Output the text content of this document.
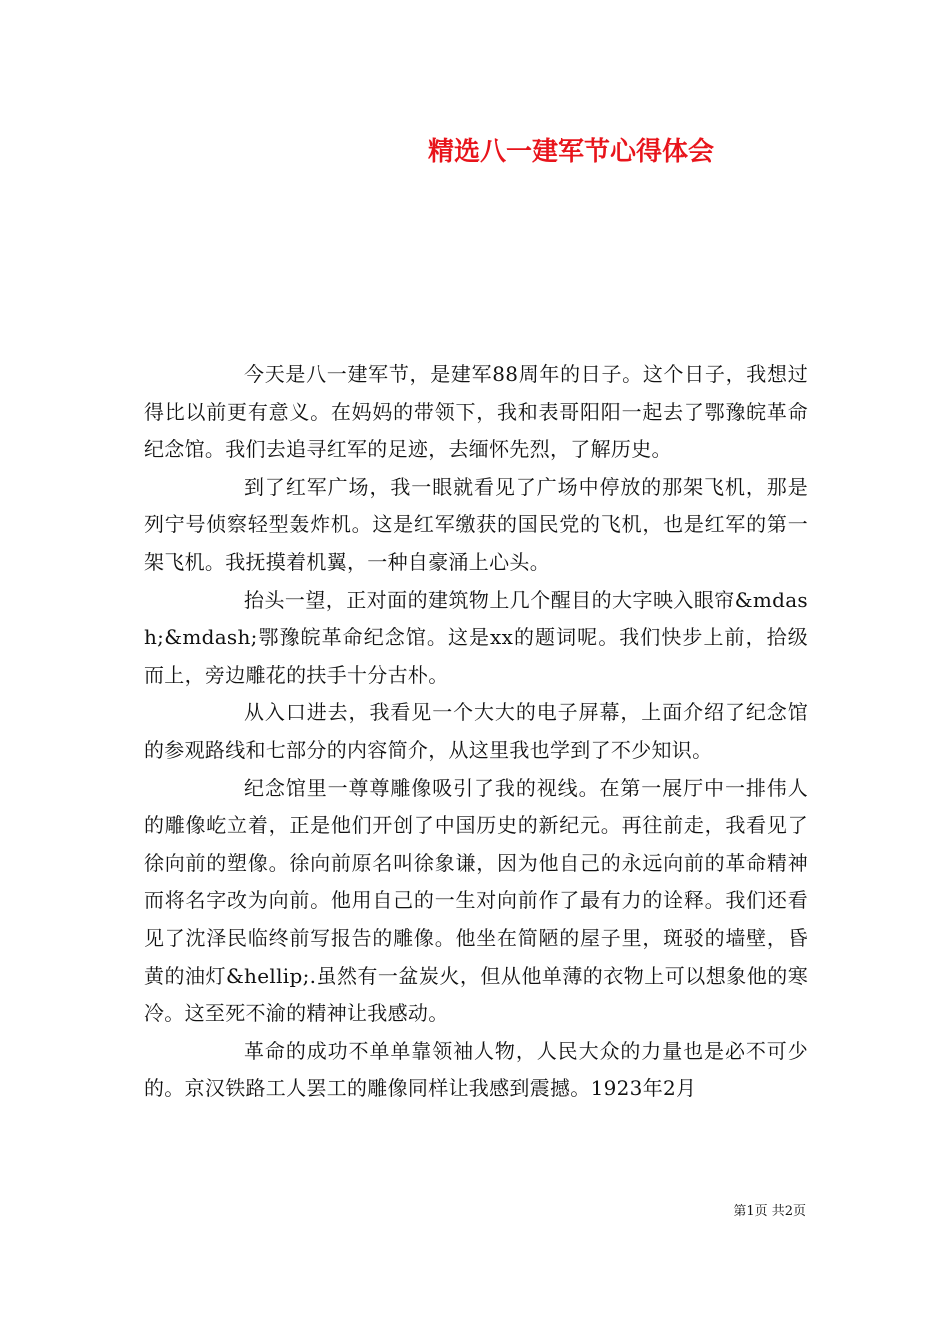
精选八一建军节心得体会

今天是八一建军节，是建军88周年的日子。这个日子，我想过得比以前更有意义。在妈妈的带领下，我和表哥阳阳一起去了鄂豫皖革命纪念馆。我们去追寻红军的足迹，去缅怀先烈，了解历史。

到了红军广场，我一眼就看见了广场中停放的那架飞机，那是列宁号侦察轻型轰炸机。这是红军缴获的国民党的飞机，也是红军的第一架飞机。我抚摸着机翼，一种自豪涌上心头。

抬头一望，正对面的建筑物上几个醒目的大字映入眼帘&mdash;&mdash;鄂豫皖革命纪念馆。这是xx的题词呢。我们快步上前，拾级而上，旁边雕花的扶手十分古朴。

从入口进去，我看见一个大大的电子屏幕，上面介绍了纪念馆的参观路线和七部分的内容简介，从这里我也学到了不少知识。

纪念馆里一尊尊雕像吸引了我的视线。在第一展厅中一排伟人的雕像屹立着，正是他们开创了中国历史的新纪元。再往前走，我看见了徐向前的塑像。徐向前原名叫徐象谦，因为他自己的永远向前的革命精神而将名字改为向前。他用自己的一生对向前作了最有力的诠释。我们还看见了沈泽民临终前写报告的雕像。他坐在简陋的屋子里，斑驳的墙壁，昏黄的油灯&hellip;.虽然有一盆炭火，但从他单薄的衣物上可以想象他的寒冷。这至死不渝的精神让我感动。

革命的成功不单单靠领袖人物，人民大众的力量也是必不可少的。京汉铁路工人罢工的雕像同样让我感到震撼。1923年2月

第1页 共2页
